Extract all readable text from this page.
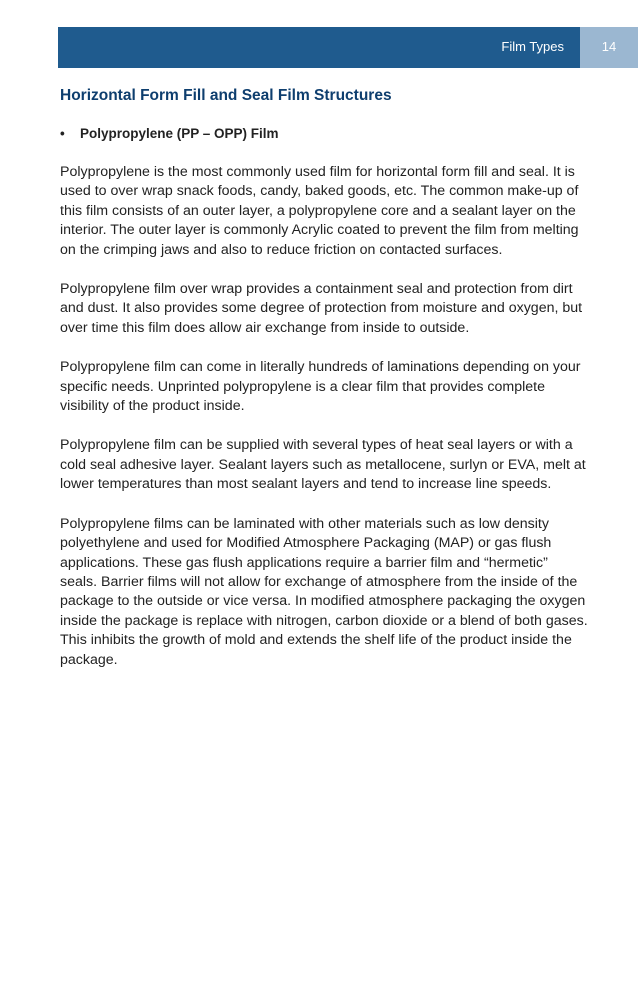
Film Types	14
Horizontal Form Fill and Seal Film Structures
•	Polypropylene (PP – OPP) Film

Polypropylene is the most commonly used film for horizontal form fill and seal. It is used to over wrap snack foods, candy, baked goods, etc. The common make-up of this film consists of an outer layer, a polypropylene core and a sealant layer on the interior. The outer layer is commonly Acrylic coated to prevent the film from melting on the crimping jaws and also to reduce friction on contacted surfaces.

Polypropylene film over wrap provides a containment seal and protection from dirt and dust. It also provides some degree of protection from moisture and oxygen, but over time this film does allow air exchange from inside to outside.

Polypropylene film can come in literally hundreds of laminations depending on your specific needs. Unprinted polypropylene is a clear film that provides complete visibility of the product inside.

Polypropylene film can be supplied with several types of heat seal layers or with a cold seal adhesive layer. Sealant layers such as metallocene, surlyn or EVA, melt at lower temperatures than most sealant layers and tend to increase line speeds.

Polypropylene films can be laminated with other materials such as low density polyethylene and used for Modified Atmosphere Packaging (MAP) or gas flush applications. These gas flush applications require a barrier film and “hermetic” seals. Barrier films will not allow for exchange of atmosphere from the inside of the package to the outside or vice versa. In modified atmosphere packaging the oxygen inside the package is replace with nitrogen, carbon dioxide or a blend of both gases. This inhibits the growth of mold and extends the shelf life of the product inside the package.
